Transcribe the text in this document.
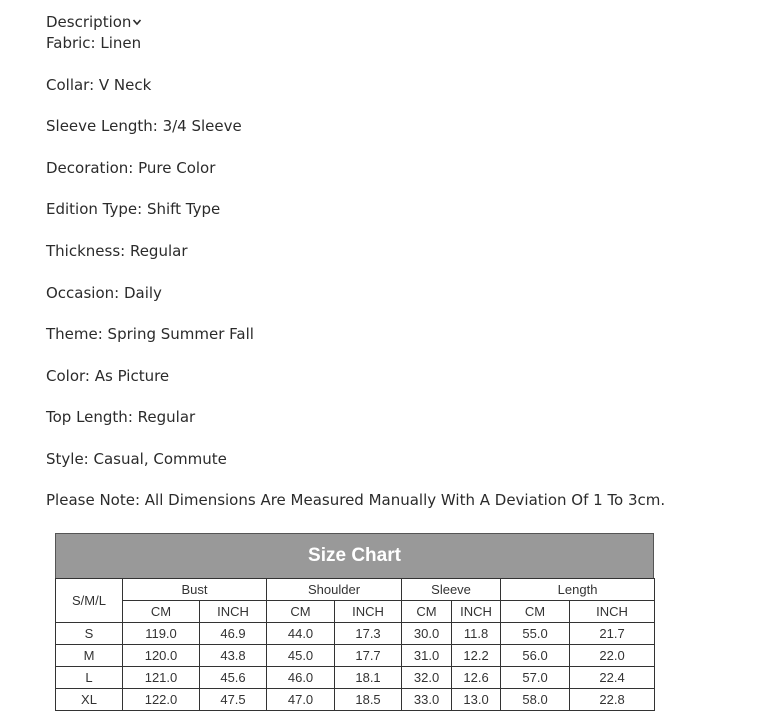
Description
Fabric: Linen
Collar: V Neck
Sleeve Length: 3/4 Sleeve
Decoration: Pure Color
Edition Type: Shift Type
Thickness: Regular
Occasion: Daily
Theme: Spring Summer Fall
Color: As Picture
Top Length: Regular
Style: Casual, Commute
Please Note: All Dimensions Are Measured Manually With A Deviation Of 1 To 3cm.
Size Chart
S/M/L	Bust		Shoulder		Sleeve		Length	
	CM	INCH	CM	INCH	CM	INCH	CM	INCH
S	119.0	46.9	44.0	17.3	30.0	11.8	55.0	21.7
M	120.0	43.8	45.0	17.7	31.0	12.2	56.0	22.0
L	121.0	45.6	46.0	18.1	32.0	12.6	57.0	22.4
XL	122.0	47.5	47.0	18.5	33.0	13.0	58.0	22.8
